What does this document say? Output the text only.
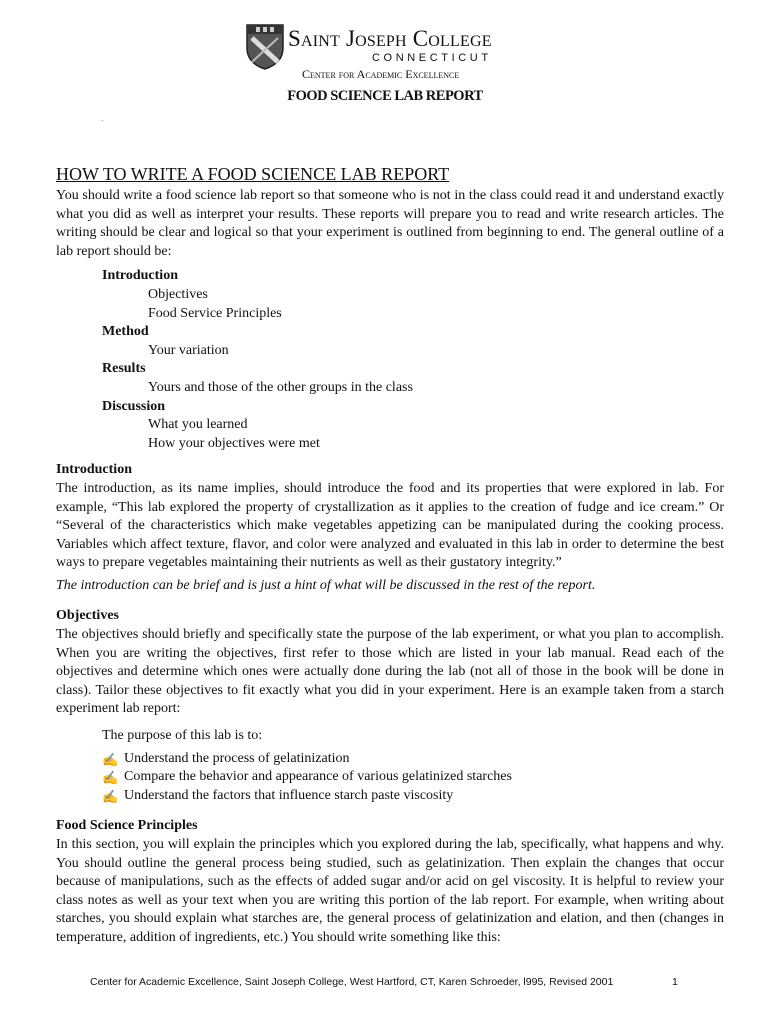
Saint Joseph College
CONNECTICUT
Center for Academic Excellence
FOOD SCIENCE LAB REPORT
-
HOW TO WRITE A FOOD SCIENCE LAB REPORT

You should write a food science lab report so that someone who is not in the class could read it and understand exactly what you did as well as interpret your results. These reports will prepare you to read and write research articles. The writing should be clear and logical so that your experiment is outlined from beginning to end. The general outline of a lab report should be:

Introduction
Objectives
Food Service Principles
Method
Your variation
Results
Yours and those of the other groups in the class
Discussion
What you learned
How your objectives were met
Introduction

The introduction, as its name implies, should introduce the food and its properties that were explored in lab. For example, “This lab explored the property of crystallization as it applies to the creation of fudge and ice cream.” Or “Several of the characteristics which make vegetables appetizing can be manipulated during the cooking process. Variables which affect texture, flavor, and color were analyzed and evaluated in this lab in order to determine the best ways to prepare vegetables maintaining their nutrients as well as their gustatory integrity.”

The introduction can be brief and is just a hint of what will be discussed in the rest of the report.
Objectives

The objectives should briefly and specifically state the purpose of the lab experiment, or what you plan to accomplish. When you are writing the objectives, first refer to those which are listed in your lab manual. Read each of the objectives and determine which ones were actually done during the lab (not all of those in the book will be done in class). Tailor these objectives to fit exactly what you did in your experiment. Here is an example taken from a starch experiment lab report:

The purpose of this lab is to:
✍ Understand the process of gelatinization
✍ Compare the behavior and appearance of various gelatinized starches
✍ Understand the factors that influence starch paste viscosity
Food Science Principles

In this section, you will explain the principles which you explored during the lab, specifically, what happens and why. You should outline the general process being studied, such as gelatinization. Then explain the changes that occur because of manipulations, such as the effects of added sugar and/or acid on gel viscosity. It is helpful to review your class notes as well as your text when you are writing this portion of the lab report. For example, when writing about starches, you should explain what starches are, the general process of gelatinization and elation, and then (changes in temperature, addition of ingredients, etc.) You should write something like this:

Center for Academic Excellence, Saint Joseph College, West Hartford, CT, Karen Schroeder, l995, Revised 2001	1
